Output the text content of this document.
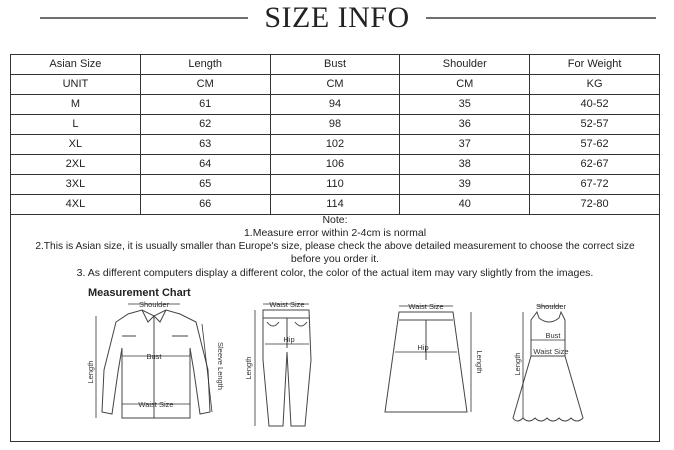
SIZE INFO
Asian Size	Length	Bust	Shoulder	For Weight
UNIT	CM	CM	CM	KG
M	61	94	35	40-52
L	62	98	36	52-57
XL	63	102	37	57-62
2XL	64	106	38	62-67
3XL	65	110	39	67-72
4XL	66	114	40	72-80
Note:
1.Measure error within 2-4cm is normal
2.This is Asian size, it is usually smaller than Europe's size, please check the above detailed measurement to choose the correct size
before you order it.
3. As different computers display a different color, the color of the actual item may vary slightly from the images.
Measurement Chart
Shoulder
Bust
Waist Size
Length	Sleeve Length
Waist Size
Hip
Length
Waist Size
Hip
Length
Shoulder
Bust
Waist Size
Length
